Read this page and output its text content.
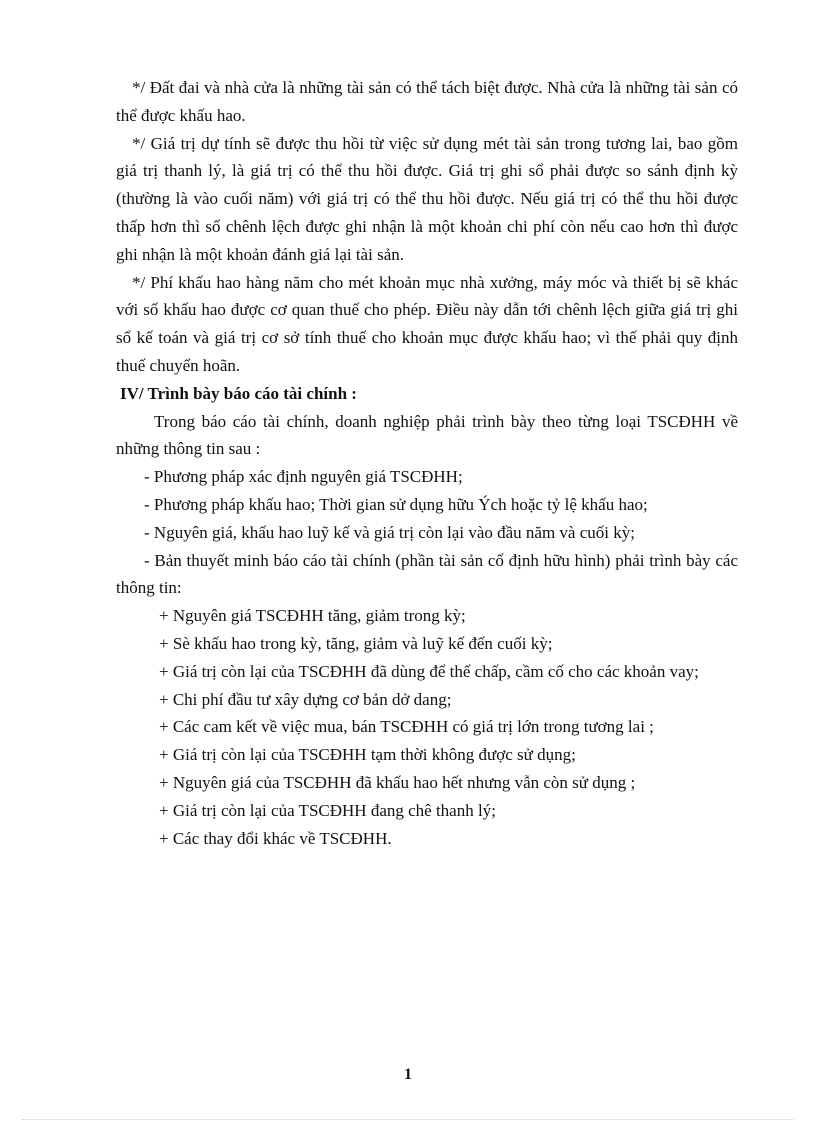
*/ Đất đai và nhà cửa là những tài sản có thể tách biệt được. Nhà cửa là những tài sản có thể được khấu hao.

*/ Giá trị dự tính sẽ được thu hồi từ việc sử dụng mét tài sản trong tương lai, bao gồm giá trị thanh lý, là giá trị có thể thu hồi được. Giá trị ghi sổ phải được so sánh định kỳ (thường là vào cuối năm) với giá trị có thể thu hồi được. Nếu giá trị có thể thu hồi được thấp hơn thì số chênh lệch được ghi nhận là một khoản chi phí còn nếu cao hơn thì được ghi nhận là một khoản đánh giá lại tài sản.

*/ Phí khấu hao hàng năm cho mét khoản mục nhà xưởng, máy móc và thiết bị sẽ khác với số khấu hao được cơ quan thuế cho phép. Điều này dẫn tới chênh lệch giữa giá trị ghi sổ kế toán và giá trị cơ sở tính thuế cho khoản mục được khấu hao; vì thế phải quy định thuế chuyển hoãn.

IV/ Trình bày báo cáo tài chính :

Trong báo cáo tài chính, doanh nghiệp phải trình bày theo từng loại TSCĐHH về những thông tin sau :

- Phương pháp xác định nguyên giá TSCĐHH;

- Phương pháp khấu hao; Thời gian sử dụng hữu Ých hoặc tỷ lệ khấu hao;

- Nguyên giá, khấu hao luỹ kế và giá trị còn lại vào đầu năm và cuối kỳ;

- Bản thuyết minh báo cáo tài chính (phần tài sản cố định hữu hình) phải trình bày các thông tin:

+ Nguyên giá TSCĐHH tăng, giảm trong kỳ;

+ Sè khấu hao trong kỳ, tăng, giảm và luỹ kế đến cuối kỳ;

+ Giá trị còn lại của TSCĐHH đã dùng để thế chấp, cầm cố cho các khoản vay;

+ Chi phí đầu tư xây dựng cơ bản dở dang;

+ Các cam kết về việc mua, bán TSCĐHH có giá trị lớn trong tương lai ;

+ Giá trị còn lại của TSCĐHH tạm thời không được sử dụng;

+ Nguyên giá của TSCĐHH đã khấu hao hết nhưng vẫn còn sử dụng ;

+ Giá trị còn lại của TSCĐHH đang chê thanh lý;

+ Các thay đổi khác về TSCĐHH.

1
